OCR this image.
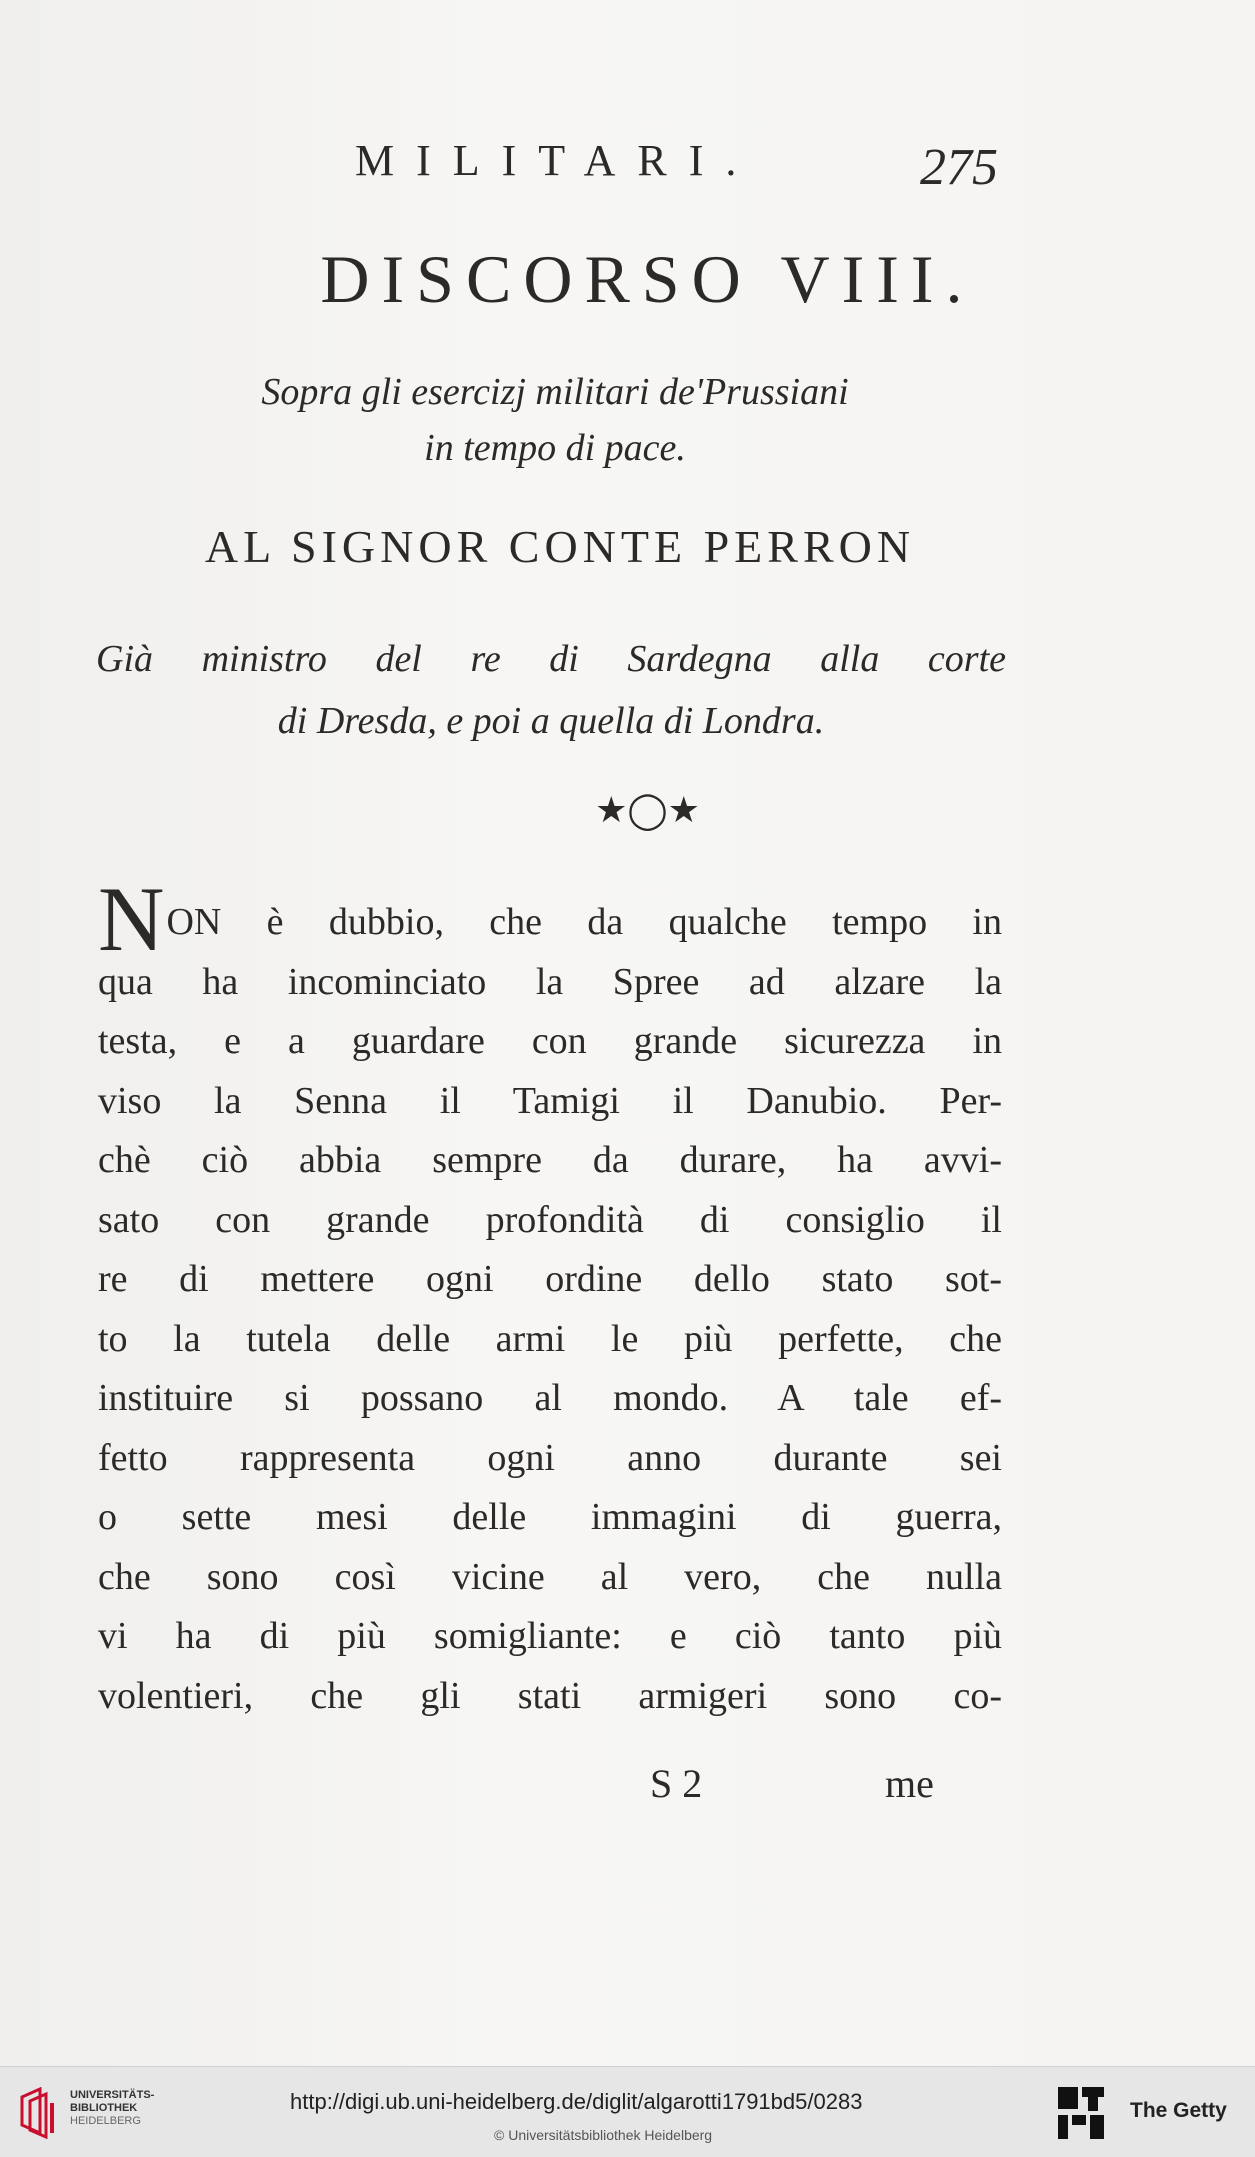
MILITARI.	275
DISCORSO VIII.
Sopra gli esercizj militari de'Prussiani
in tempo di pace.
AL SIGNOR CONTE PERRON
Già ministro del re di Sardegna alla corte
di Dresda, e poi a quella di Londra.
★◯★
N ON è dubbio, che da qualche tempo in
qua ha incominciato la Spree ad alzare la
testa, e a guardare con grande sicurezza in
viso la Senna il Tamigi il Danubio. Per-
chè ciò abbia sempre da durare, ha avvi-
sato con grande profondità di consiglio il
re di mettere ogni ordine dello stato sot-
to la tutela delle armi le più perfette, che
instituire si possano al mondo. A tale ef-
fetto rappresenta ogni anno durante sei
o sette mesi delle immagini di guerra,
che sono così vicine al vero, che nulla
vi ha di più somigliante: e ciò tanto più
volentieri, che gli stati armigeri sono co-
S 2	me
UNIVERSITÄTS-
BIBLIOTHEK
HEIDELBERG
http://digi.ub.uni-heidelberg.de/diglit/algarotti1791bd5/0283
© Universitätsbibliothek Heidelberg
The Getty
